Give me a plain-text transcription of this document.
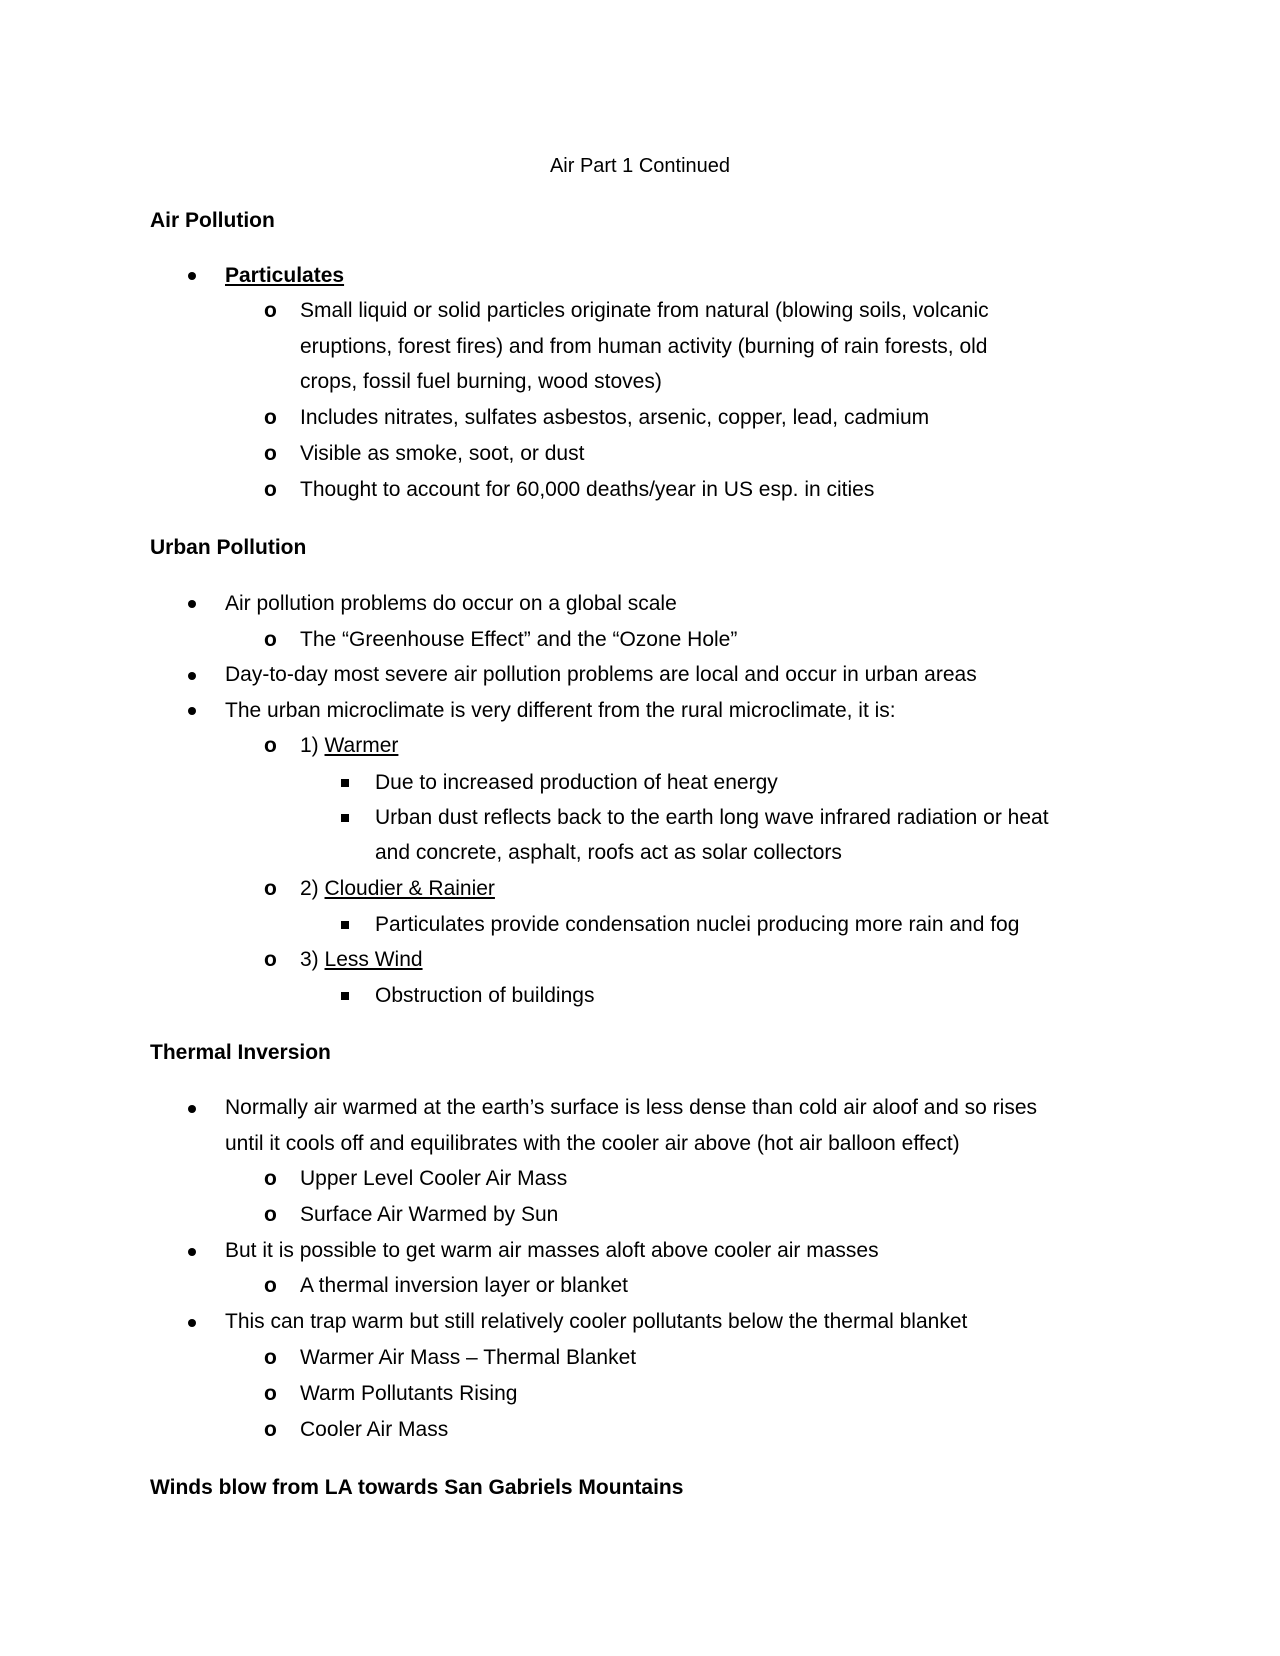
Air Part 1 Continued
Air Pollution
Particulates
o Small liquid or solid particles originate from natural (blowing soils, volcanic
eruptions, forest fires) and from human activity (burning of rain forests, old
crops, fossil fuel burning, wood stoves)
o Includes nitrates, sulfates asbestos, arsenic, copper, lead, cadmium
o Visible as smoke, soot, or dust
o Thought to account for 60,000 deaths/year in US esp. in cities
Urban Pollution
Air pollution problems do occur on a global scale
o The “Greenhouse Effect” and the “Ozone Hole”
Day-to-day most severe air pollution problems are local and occur in urban areas
The urban microclimate is very different from the rural microclimate, it is:
o 1) Warmer
Due to increased production of heat energy
Urban dust reflects back to the earth long wave infrared radiation or heat
and concrete, asphalt, roofs act as solar collectors
o 2) Cloudier & Rainier
Particulates provide condensation nuclei producing more rain and fog
o 3) Less Wind
Obstruction of buildings
Thermal Inversion
Normally air warmed at the earth’s surface is less dense than cold air aloof and so rises
until it cools off and equilibrates with the cooler air above (hot air balloon effect)
o Upper Level Cooler Air Mass
o Surface Air Warmed by Sun
But it is possible to get warm air masses aloft above cooler air masses
o A thermal inversion layer or blanket
This can trap warm but still relatively cooler pollutants below the thermal blanket
o Warmer Air Mass – Thermal Blanket
o Warm Pollutants Rising
o Cooler Air Mass
Winds blow from LA towards San Gabriels Mountains
